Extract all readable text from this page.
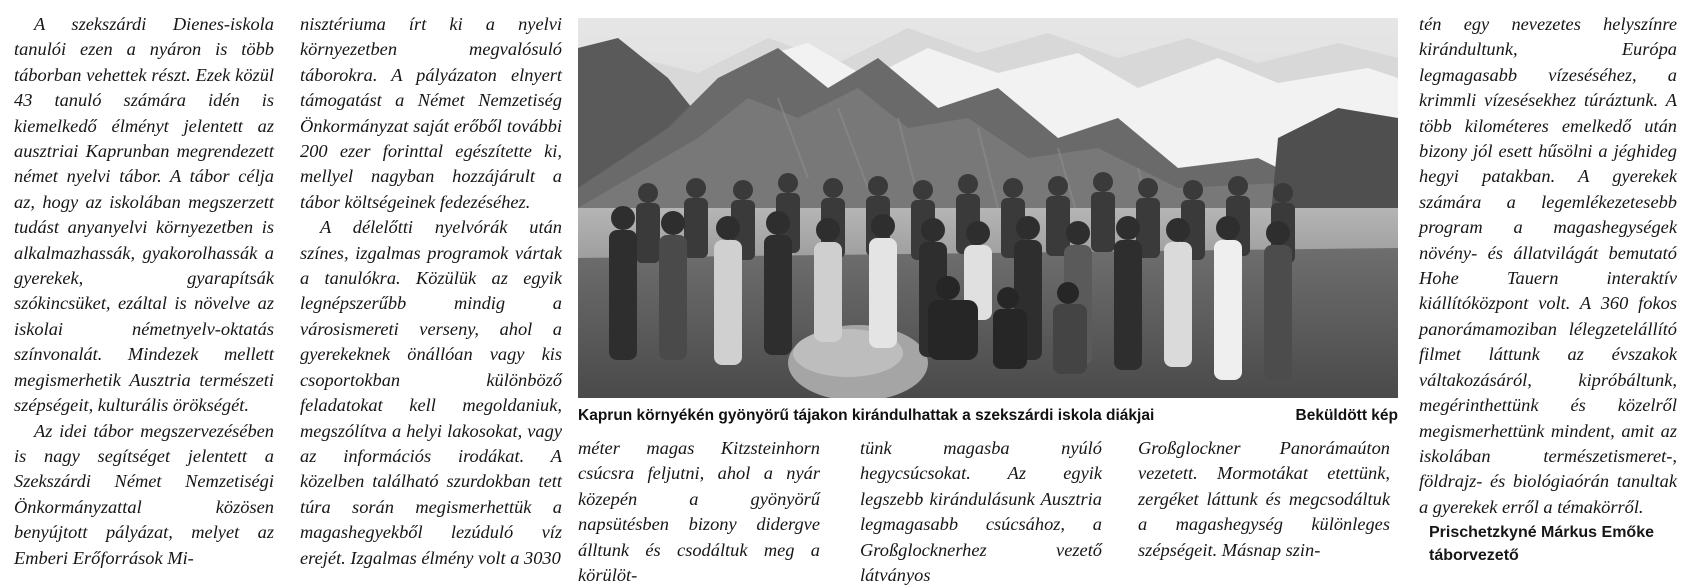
A szekszárdi Dienes-iskola tanulói ezen a nyáron is több táborban vehettek részt. Ezek közül 43 tanuló számára idén is kiemelkedő élményt jelentett az ausztriai Kaprunban megrendezett német nyelvi tábor. A tábor célja az, hogy az iskolában megszerzett tudást anyanyelvi környezetben is alkalmazhassák, gyakorolhassák a gyerekek, gyarapítsák szókincsüket, ezáltal is növelve az iskolai németnyelv-oktatás színvonalát. Mindezek mellett megismerhetik Ausztria természeti szépségeit, kulturális örökségét.

Az idei tábor megszervezésében is nagy segítséget jelentett a Szekszárdi Német Nemzetiségi Önkormányzattal közösen benyújtott pályázat, melyet az Emberi Erőforrások Mi-

nisztériuma írt ki a nyelvi környezetben megvalósuló táborokra. A pályázaton elnyert támogatást a Német Nemzetiség Önkormányzat saját erőből további 200 ezer forinttal egészítette ki, mellyel nagyban hozzájárult a tábor költségeinek fedezéséhez.

A délelőtti nyelvórák után színes, izgalmas programok vártak a tanulókra. Közülük az egyik legnépszerűbb mindig a városismereti verseny, ahol a gyerekeknek önállóan vagy kis csoportokban különböző feladatokat kell megoldaniuk, megszólítva a helyi lakosokat, vagy az információs irodákat. A közelben található szurdokban tett túra során megismerhettük a magashegyekből lezúduló víz erejét. Izgalmas élmény volt a 3030

Kaprun környékén gyönyörű tájakon kirándulhattak a szekszárdi iskola diákjai	Beküldött kép

méter magas Kitzsteinhorn csúcsra feljutni, ahol a nyár közepén a gyönyörű napsütésben bizony didergve álltunk és csodáltuk meg a körülöt-

tünk magasba nyúló hegycsúcsokat. Az egyik legszebb kirándulásunk Ausztria legmagasabb csúcsához, a Großglocknerhez vezető látványos

Großglockner Panorámaúton vezetett. Mormotákat etettünk, zergéket láttunk és megcsodáltuk a magashegység különleges szépségeit. Másnap szin-

tén egy nevezetes helyszínre kirándultunk, Európa legmagasabb vízeséséhez, a krimmli vízesésekhez túráztunk. A több kilométeres emelkedő után bizony jól esett hűsölni a jéghideg hegyi patakban. A gyerekek számára a legemlékezetesebb program a magashegységek növény- és állatvilágát bemutató Hohe Tauern interaktív kiállítóközpont volt. A 360 fokos panorámamoziban lélegzetelállító filmet láttunk az évszakok váltakozásáról, kipróbáltunk, megérinthettünk és közelről megismerhettünk mindent, amit az iskolában természetismeret-, földrajz- és biológiaórán tanultak a gyerekek erről a témakörről.

Prischetzkyné Márkus Emőke
táborvezető
